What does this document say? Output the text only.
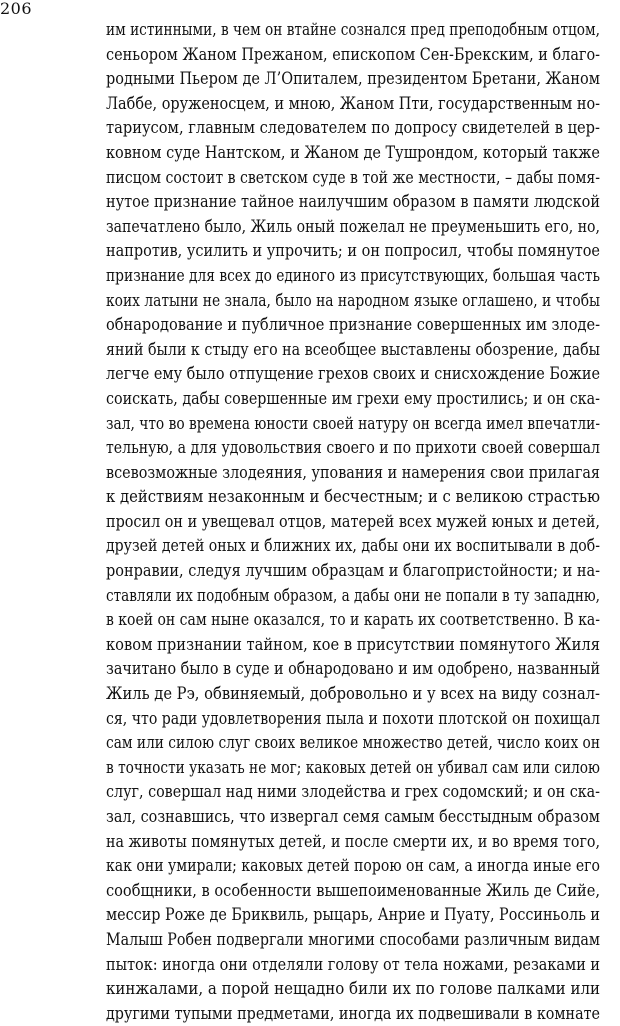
206
им истинными, в чем он втайне сознался пред преподобным отцом,
сеньором Жаном Прежаном, епископом Сен-Брекским, и благо-
родными Пьером де Л’Опиталем, президентом Бретани, Жаном
Лаббе, оруженосцем, и мною, Жаном Пти, государственным но-
тариусом, главным следователем по допросу свидетелей в цер-
ковном суде Нантском, и Жаном де Тушрондом, который также
писцом состоит в светском суде в той же местности, – дабы помя-
нутое признание тайное наилучшим образом в памяти людской
запечатлено было, Жиль оный пожелал не преуменьшить его, но,
напротив, усилить и упрочить; и он попросил, чтобы помянутое
признание для всех до единого из присутствующих, большая часть
коих латыни не знала, было на народном языке оглашено, и чтобы
обнародование и публичное признание совершенных им злоде-
яний были к стыду его на всеобщее выставлены обозрение, дабы
легче ему было отпущение грехов своих и снисхождение Божие
соискать, дабы совершенные им грехи ему простились; и он ска-
зал, что во времена юности своей натуру он всегда имел впечатли-
тельную, а для удовольствия своего и по прихоти своей совершал
всевозможные злодеяния, упования и намерения свои прилагая
к действиям незаконным и бесчестным; и с великою страстью
просил он и увещевал отцов, матерей всех мужей юных и детей,
друзей детей оных и ближних их, дабы они их воспитывали в доб-
ронравии, следуя лучшим образцам и благопристойности; и на-
ставляли их подобным образом, а дабы они не попали в ту западню,
в коей он сам ныне оказался, то и карать их соответственно. В ка-
ковом признании тайном, кое в присутствии помянутого Жиля
зачитано было в суде и обнародовано и им одобрено, названный
Жиль де Рэ, обвиняемый, добровольно и у всех на виду сознал-
ся, что ради удовлетворения пыла и похоти плотской он похищал
сам или силою слуг своих великое множество детей, число коих он
в точности указать не мог; каковых детей он убивал сам или силою
слуг, совершал над ними злодейства и грех содомский; и он ска-
зал, сознавшись, что извергал семя самым бесстыдным образом
на животы помянутых детей, и после смерти их, и во время того,
как они умирали; каковых детей порою он сам, а иногда иные его
сообщники, в особенности вышепоименованные Жиль де Сийе,
мессир Роже де Бриквиль, рыцарь, Анрие и Пуату, Россиньоль и
Малыш Робен подвергали многими способами различным видам
пыток: иногда они отделяли голову от тела ножами, резаками и
кинжалами, а порой нещадно били их по голове палками или
другими тупыми предметами, иногда их подвешивали в комнате
